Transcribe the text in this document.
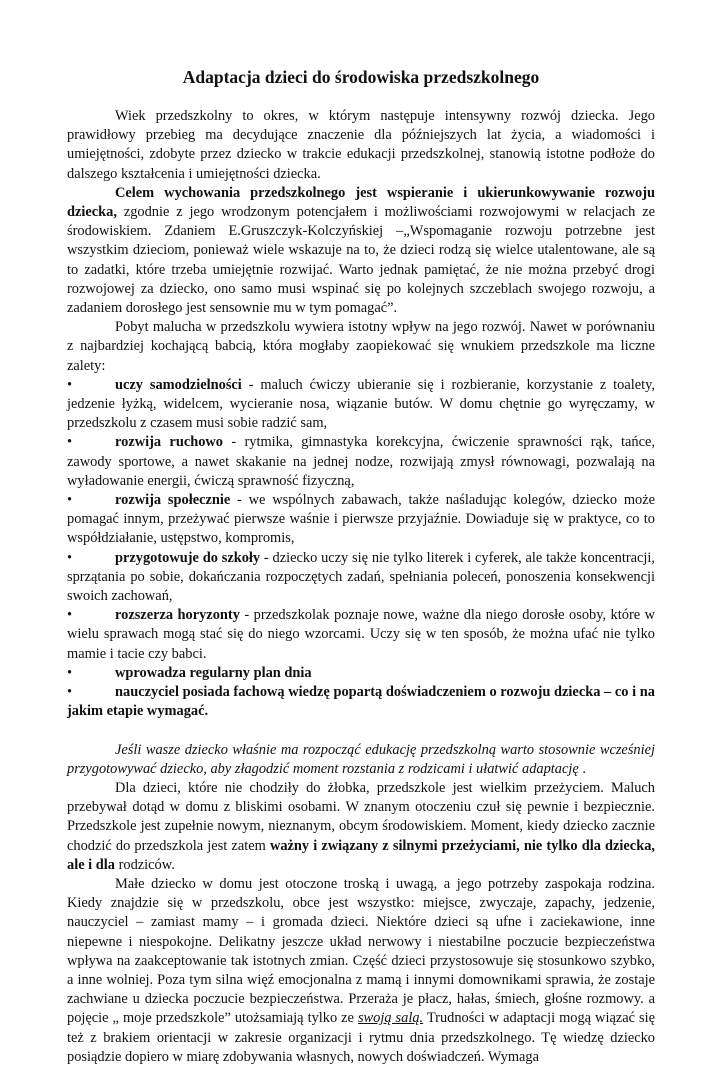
Adaptacja dzieci do środowiska przedszkolnego

Wiek przedszkolny to okres, w którym następuje intensywny rozwój dziecka. Jego prawidłowy przebieg ma decydujące znaczenie dla późniejszych lat życia, a wiadomości i umiejętności, zdobyte przez dziecko w trakcie edukacji przedszkolnej, stanowią istotne podłoże do dalszego kształcenia i umiejętności dziecka.

Celem wychowania przedszkolnego jest wspieranie i ukierunkowywanie rozwoju dziecka, zgodnie z jego wrodzonym potencjałem i możliwościami rozwojowymi w relacjach ze środowiskiem. Zdaniem E.Gruszczyk-Kolczyńskiej –„Wspomaganie rozwoju potrzebne jest wszystkim dzieciom, ponieważ wiele wskazuje na to, że dzieci rodzą się wielce utalentowane, ale są to zadatki, które trzeba umiejętnie rozwijać. Warto jednak pamiętać, że nie można przebyć drogi rozwojowej za dziecko, ono samo musi wspinać się po kolejnych szczeblach swojego rozwoju, a zadaniem dorosłego jest sensownie mu w tym pomagać”.

Pobyt malucha w przedszkolu wywiera istotny wpływ na jego rozwój. Nawet w porównaniu z najbardziej kochającą babcią, która mogłaby zaopiekować się wnukiem przedszkole ma liczne zalety:

•	uczy samodzielności - maluch ćwiczy ubieranie się i rozbieranie, korzystanie z toalety, jedzenie łyżką, widelcem, wycieranie nosa, wiązanie butów. W domu chętnie go wyręczamy, w przedszkolu z czasem musi sobie radzić sam,

•	rozwija ruchowo - rytmika, gimnastyka korekcyjna, ćwiczenie sprawności rąk, tańce, zawody sportowe, a nawet skakanie na jednej nodze, rozwijają zmysł równowagi, pozwalają na wyładowanie energii, ćwiczą sprawność fizyczną,

•	rozwija społecznie - we wspólnych zabawach, także naśladując kolegów, dziecko może pomagać innym, przeżywać pierwsze waśnie i pierwsze przyjaźnie. Dowiaduje się w praktyce, co to współdziałanie, ustępstwo, kompromis,

•	przygotowuje do szkoły - dziecko uczy się nie tylko literek i cyferek, ale także koncentracji, sprzątania po sobie, dokańczania rozpoczętych zadań, spełniania poleceń, ponoszenia konsekwencji swoich zachowań,

•	rozszerza horyzonty - przedszkolak poznaje nowe, ważne dla niego dorosłe osoby, które w wielu sprawach mogą stać się do niego wzorcami. Uczy się w ten sposób, że można ufać nie tylko mamie i tacie czy babci.

•	wprowadza regularny plan dnia

•	nauczyciel posiada fachową wiedzę popartą doświadczeniem o rozwoju dziecka – co i na jakim etapie wymagać.

Jeśli wasze dziecko właśnie ma rozpocząć edukację przedszkolną warto stosownie wcześniej przygotowywać dziecko, aby złagodzić moment rozstania z rodzicami i ułatwić adaptację .

Dla dzieci, które nie chodziły do żłobka, przedszkole jest wielkim przeżyciem. Maluch przebywał dotąd w domu z bliskimi osobami. W znanym otoczeniu czuł się pewnie i bezpiecznie. Przedszkole jest zupełnie nowym, nieznanym, obcym środowiskiem. Moment, kiedy dziecko zacznie chodzić do przedszkola jest zatem ważny i związany z silnymi przeżyciami, nie tylko dla dziecka, ale i dla rodziców.

Małe dziecko w domu jest otoczone troską i uwagą, a jego potrzeby zaspokaja rodzina. Kiedy znajdzie się w przedszkolu, obce jest wszystko: miejsce, zwyczaje, zapachy, jedzenie, nauczyciel – zamiast mamy – i gromada dzieci. Niektóre dzieci są ufne i zaciekawione, inne niepewne i niespokojne. Delikatny jeszcze układ nerwowy i niestabilne poczucie bezpieczeństwa wpływa na zaakceptowanie tak istotnych zmian. Część dzieci przystosowuje się stosunkowo szybko, a inne wolniej. Poza tym silna więź emocjonalna z mamą i innymi domownikami sprawia, że zostaje zachwiane u dziecka poczucie bezpieczeństwa. Przeraża je płacz, hałas, śmiech, głośne rozmowy. a pojęcie „ moje przedszkole” utożsamiają tylko ze swoją salą. Trudności w adaptacji mogą wiązać się też z brakiem orientacji w zakresie organizacji i rytmu dnia przedszkolnego. Tę wiedzę dziecko posiądzie dopiero w miarę zdobywania własnych, nowych doświadczeń. Wymaga
